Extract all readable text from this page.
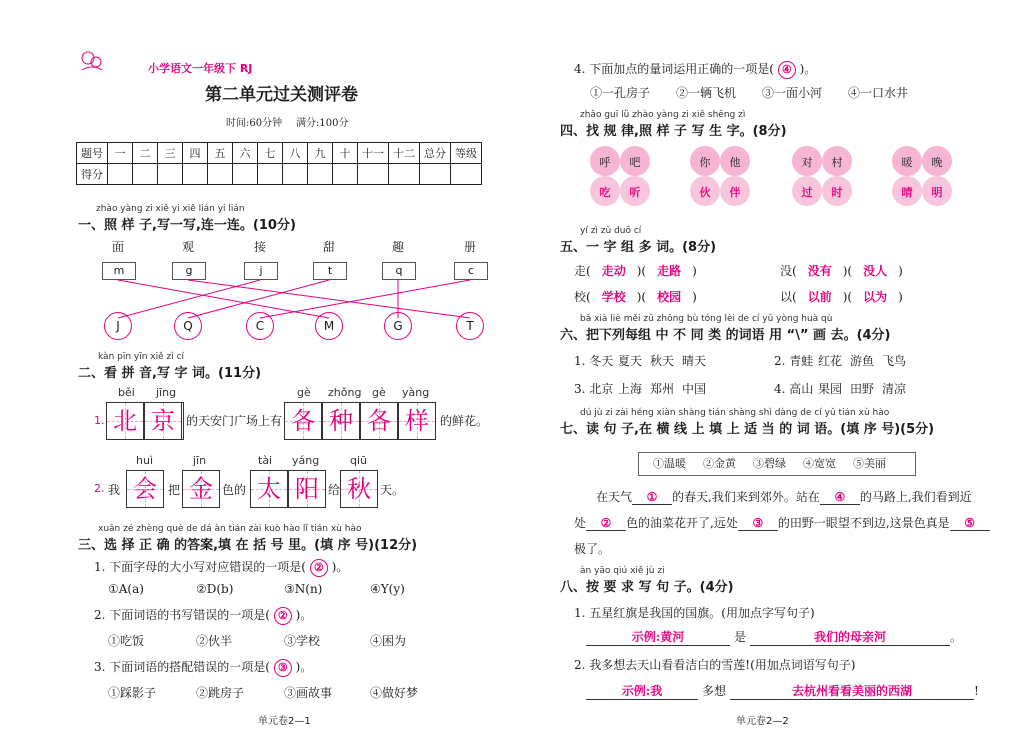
小学语文一年级下 RJ
第二单元过关测评卷
时间:60分钟 满分:100分
题号	一	二	三	四	五	六	七	八	九	十	十一	十二	总分	等级
得分														
zhào yàng zi xiě yi xiě lián yi lián
一、照 样 子,写一写,连一连。(10分)
面
m
J
观
g
Q
接
j
C
甜
t
M
趣
q
G
册
c
T
kàn pīn yīn xiě zì cí
二、看 拼 音,写 字 词。(11分)
1.
běi jīng
北 京 的天安门广场上有
gè zhǒng gè yàng
各 种 各 样 的鲜花。
2. 我
huì
会 把
jīn
金 色的
tài yáng
太 阳 给
qiū
秋 天。
xuǎn zé zhèng què de dá àn tián zài kuò hào lǐ tián xù hào
三、选 择 正 确 的答案,填 在 括 号 里。(填 序 号)(12分)
1. 下面字母的大小写对应错误的一项是( ② )。
①A(a)	②D(b)	③N(n)	④Y(y)
2. 下面词语的书写错误的一项是( ② )。
①吃饭	②伙半	③学校	④困为
3. 下面词语的搭配错误的一项是( ③ )。
①踩影子	②跳房子	③画故事	④做好梦
单元卷2—1
4. 下面加点的量词运用正确的一项是( ④ )。
①一孔房子 ②一辆飞机 ③一面小河 ④一口水井
zhǎo guī lǜ zhào yàng zi xiě shēng zì
四、找 规 律,照 样 子 写 生 字。(8分)
呼	吧
吃	听
你	他
伙	伴
对	村
过	时
暖	晚
晴	明
yí zì zǔ duō cí
五、一 字 组 多 词。(8分)
走( 走动 )( 走路 )	没( 没有 )( 没人 )
校( 学校 )( 校园 )	以( 以前 )( 以为 )
bǎ xià liè měi zǔ zhōng bù tóng lèi de cí yǔ yòng huà qù
六、把下列每组 中 不 同 类 的词语 用 “\” 画 去。(4分)
1. 冬天 夏天 秋天 晴天	2. 青蛙 红花 游鱼 飞鸟
3. 北京 上海 郑州 中国	4. 高山 果园 田野 清凉
dú jù zi zài héng xiàn shàng tián shàng shì dàng de cí yǔ tián xù hào
七、读 句 子,在 横 线 上 填 上 适 当 的 词 语。(填 序 号)(5分)
①温暖 ②金黄 ③碧绿 ④宽宽 ⑤美丽
在天气 ① 的春天,我们来到郊外。站在 ④ 的马路上,我们看到近
处 ② 色的油菜花开了,远处 ③ 的田野一眼望不到边,这景色真是 ⑤
极了。
àn yāo qiú xiě jù zi
八、按 要 求 写 句 子。(4分)
1. 五星红旗是我国的国旗。(用加点字写句子)
示例:黄河	是	我们的母亲河	。
2. 我多想去天山看看洁白的雪莲!(用加点词语写句子)
示例:我	多想	去杭州看看美丽的西湖	!
单元卷2—2
